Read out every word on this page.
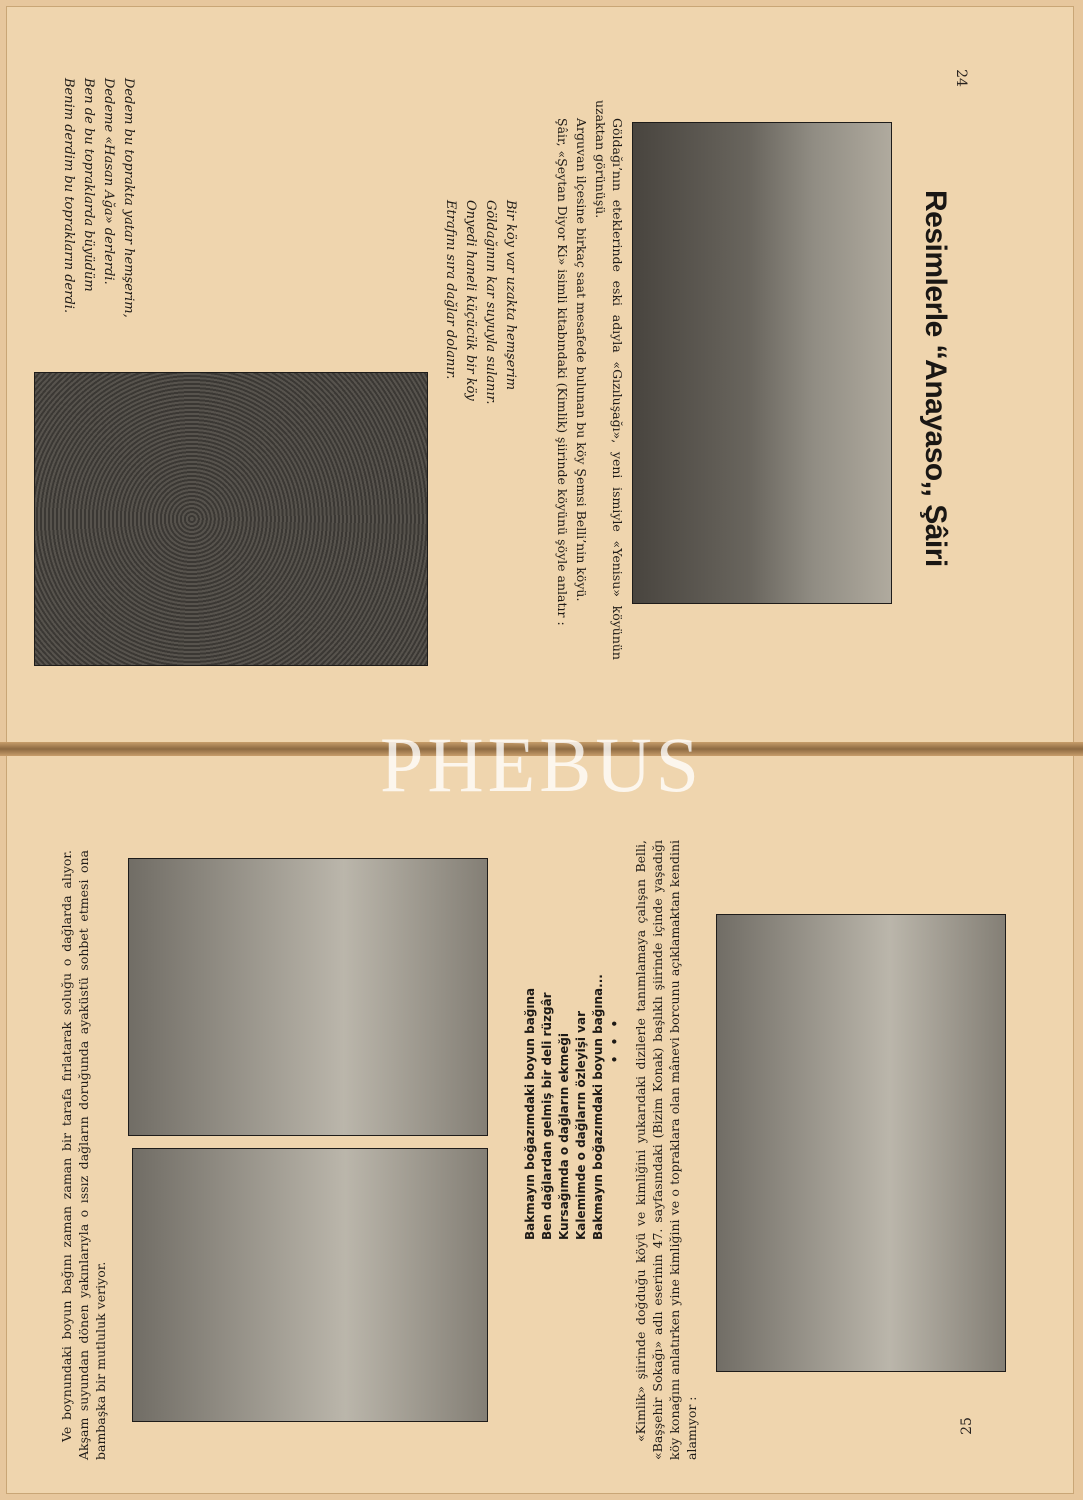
24
Resimlerle ‘‘Anayaso,, Şâiri

Göldağı’nın eteklerinde eski adıyla «Gızıluşağı», yeni ismiyle «Yenisu» köyünün uzaktan görünüşü.

Arguvan ilçesine birkaç saat mesafede bulunan bu köy Şemsi Belli’nin köyü.

Şâir, «Şeytan Diyor Ki» isimli kitabındaki (Kimlik) şiirinde köyünü şöyle anlatır :

Bir köy var uzakta hemşerim
Göldağının kar suyuyla sulanır.
Onyedi haneli küçücük bir köy
Etrafını sıra dağlar dolanır.
Dedem bu toprakta yatar hemşerim,
Dedeme «Hasan Ağa» derlerdi.
Ben de bu topraklarda büyüdüm
Benim derdim bu toprakların derdi.
25

«Kimlik» şiirinde doğduğu köyü ve kimliğini yukarıdaki dizilerle tanımlamaya çalışan Belli, «Başşehir Sokağı» adlı eserinin 47. sayfasındaki (Bizim Konak) başlıklı şiirinde içinde yaşadığı köy konağını anlatırken yine kimliğini ve o topraklara olan mânevi borcunu açıklamaktan kendini alamıyor :

Bakmayın boğazımdaki boyun bağına Ben dağlardan gelmiş bir deli rüzgâr Kursağımda o dağların ekmeği Kalemimde o dağların özleyişi var Bakmayın boğazımdaki boyun bağına... • • •

Ve boynundaki boyun bağını zaman zaman bir tarafa fırlatarak soluğu o dağlarda alıyor. Akşam suyundan dönen yakınlarıyla o ıssız dağların doruğunda ayaküstü sohbet etmesi ona bambaşka bir mutluluk veriyor.

PHEBUS
